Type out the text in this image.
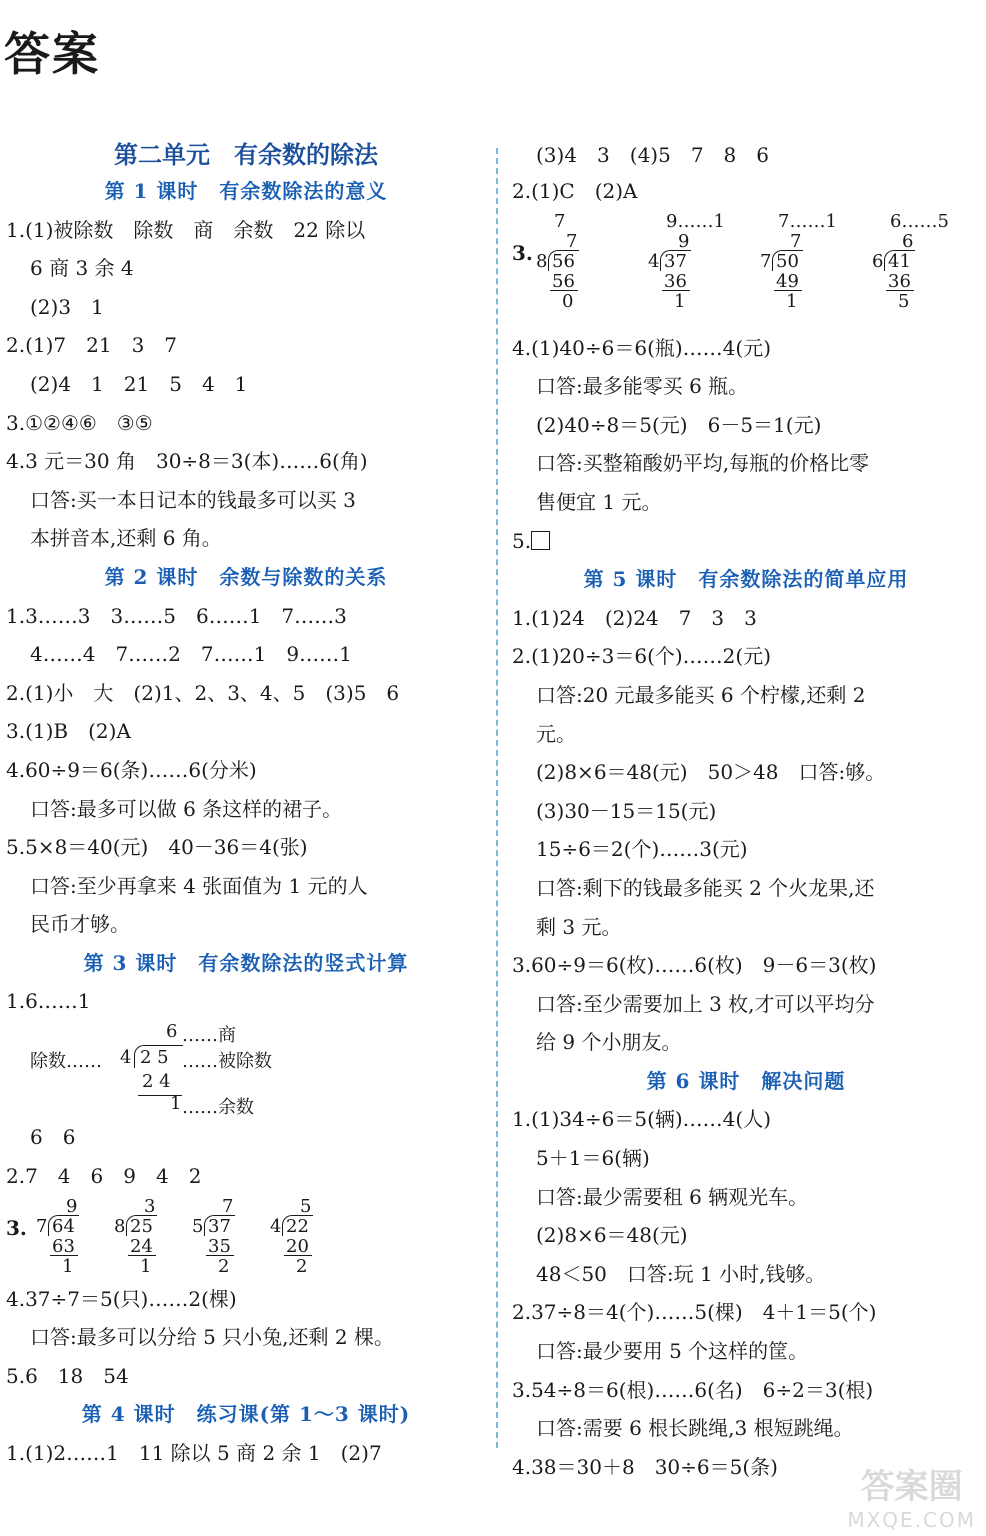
答案
第二单元　有余数的除法
第 1 课时　有余数除法的意义
1.(1)被除数　除数　商　余数　22 除以
6 商 3 余 4
(2)3　1
2.(1)7　21　3　7
(2)4　1　21　5　4　1
3.①②④⑥　③⑤
4.3 元＝30 角　30÷8＝3(本)……6(角)
口答:买一本日记本的钱最多可以买 3
本拼音本,还剩 6 角。
第 2 课时　余数与除数的关系
1.3……3　3……5　6……1　7……3
4……4　7……2　7……1　9……1
2.(1)小　大　(2)1、2、3、4、5　(3)5　6
3.(1)B　(2)A
4.60÷9＝6(条)……6(分米)
口答:最多可以做 6 条这样的裙子。
5.5×8＝40(元)　40－36＝4(张)
口答:至少再拿来 4 张面值为 1 元的人
民币才够。
第 3 课时　有余数除法的竖式计算
1.6……1
6 ……商
除数…… 4 2 5 ……被除数
2 4
1 ……余数
6　6
2.7　4　6　9　4　2
3.
9
7 64
63
1
3
8 25
24
1
7
5 37
35
2
5
4 22
20
2
4.37÷7＝5(只)……2(棵)
口答:最多可以分给 5 只小兔,还剩 2 棵。
5.6　18　54
第 4 课时　练习课(第 1～3 课时)
1.(1)2……1　11 除以 5 商 2 余 1　(2)7
(3)4　3　(4)5　7　8　6
2.(1)C　(2)A
3.
7
7
8 56
56
0
9……1
9
4 37
36
1
7……1
7
7 50
49
1
6……5
6
6 41
36
5
4.(1)40÷6＝6(瓶)……4(元)
口答:最多能零买 6 瓶。
(2)40÷8＝5(元)　6－5＝1(元)
口答:买整箱酸奶平均,每瓶的价格比零
售便宜 1 元。
5.
第 5 课时　有余数除法的简单应用
1.(1)24　(2)24　7　3　3
2.(1)20÷3＝6(个)……2(元)
口答:20 元最多能买 6 个柠檬,还剩 2
元。
(2)8×6＝48(元)　50＞48　口答:够。
(3)30－15＝15(元)
15÷6＝2(个)……3(元)
口答:剩下的钱最多能买 2 个火龙果,还
剩 3 元。
3.60÷9＝6(枚)……6(枚)　9－6＝3(枚)
口答:至少需要加上 3 枚,才可以平均分
给 9 个小朋友。
第 6 课时　解决问题
1.(1)34÷6＝5(辆)……4(人)
5＋1＝6(辆)
口答:最少需要租 6 辆观光车。
(2)8×6＝48(元)
48＜50　口答:玩 1 小时,钱够。
2.37÷8＝4(个)……5(棵)　4＋1＝5(个)
口答:最少要用 5 个这样的筐。
3.54÷8＝6(根)……6(名)　6÷2＝3(根)
口答:需要 6 根长跳绳,3 根短跳绳。
4.38＝30＋8　30÷6＝5(条)
答案圈
MXQE.COM
